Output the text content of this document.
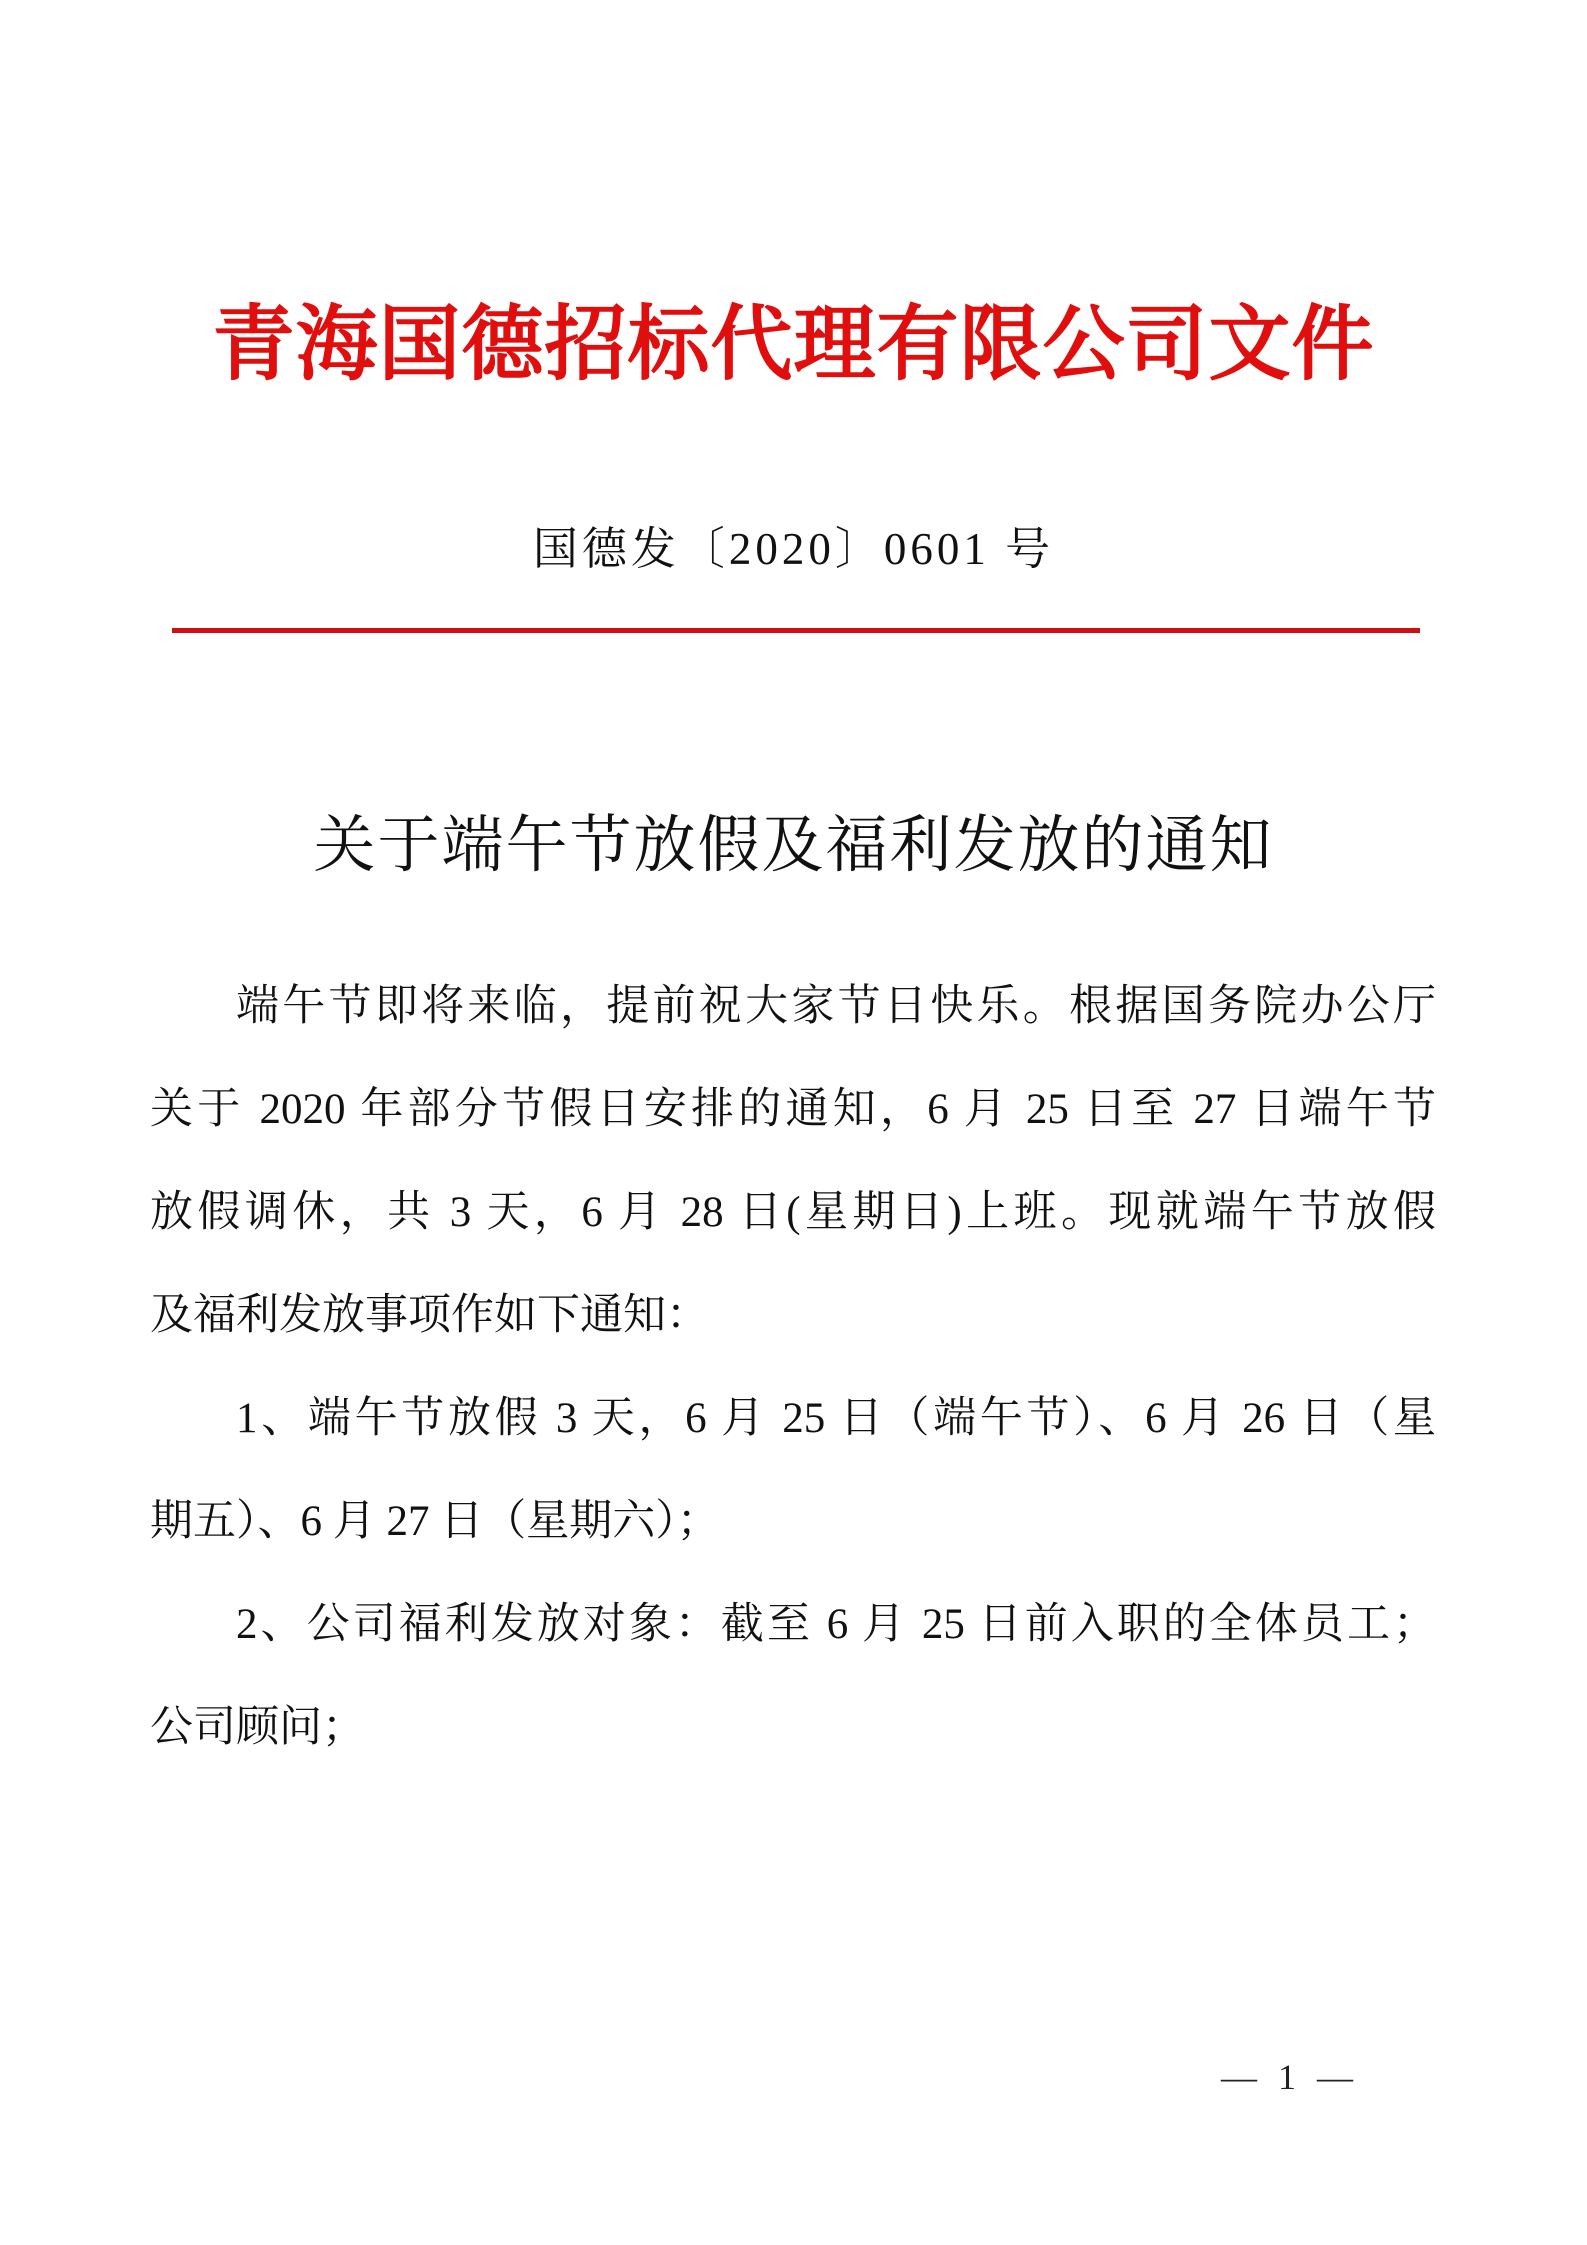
青海国德招标代理有限公司文件
国德发〔2020〕0601 号
关于端午节放假及福利发放的通知
端午节即将来临，提前祝大家节日快乐。根据国务院办公厅
关于 2020 年部分节假日安排的通知，6 月 25 日至 27 日端午节
放假调休，共 3 天，6 月 28 日(星期日)上班。现就端午节放假
及福利发放事项作如下通知：
1、端午节放假 3 天，6 月 25 日（端午节）、6 月 26 日（星
期五）、6 月 27 日（星期六）；
2、公司福利发放对象：截至 6 月 25 日前入职的全体员工；
公司顾问；
— 1 —
